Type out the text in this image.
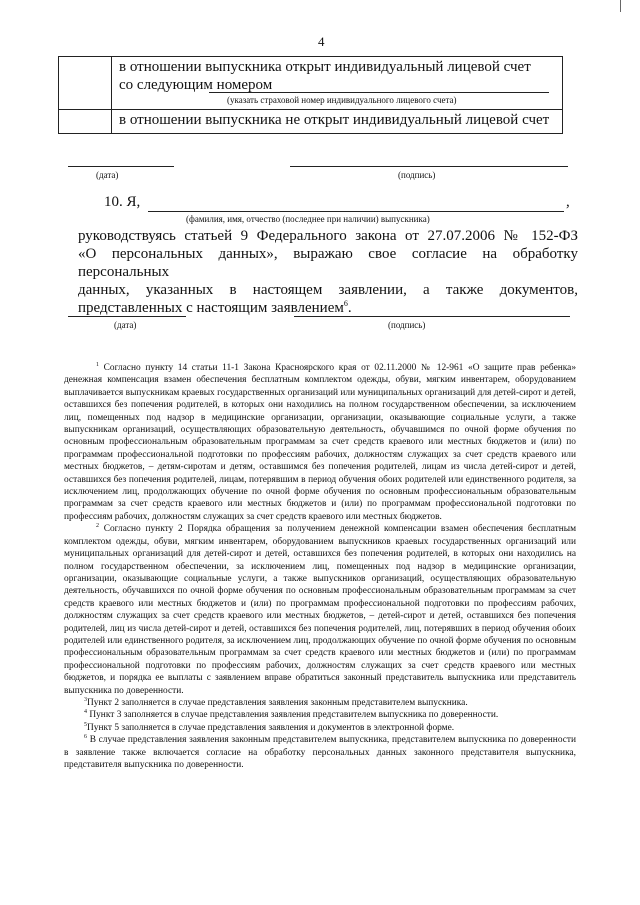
4
в отношении выпускника открыт индивидуальный лицевой счет
со следующим номером
(указать страховой номер индивидуального лицевого счета)
в отношении выпускника не открыт индивидуальный лицевой счет
(дата)	(подпись)
10. Я,	,
(фамилия, имя, отчество (последнее при наличии) выпускника)
руководствуясь статьей 9 Федерального закона от 27.07.2006 № 152-ФЗ
«О персональных данных», выражаю свое согласие на обработку персональных
данных, указанных в настоящем заявлении, а также документов,
представленных с настоящим заявлением$^6$.
(дата)	(подпись)

$^1$ Согласно пункту 14 статьи 11-1 Закона Красноярского края от 02.11.2000 № 12-961 «О защите прав ребенка» денежная компенсация взамен обеспечения бесплатным комплектом одежды, обуви, мягким инвентарем, оборудованием выплачивается выпускникам краевых государственных организаций или муниципальных организаций для детей-сирот и детей, оставшихся без попечения родителей, в которых они находились на полном государственном обеспечении, за исключением лиц, помещенных под надзор в медицинские организации, организации, оказывающие социальные услуги, а также выпускникам организаций, осуществляющих образовательную деятельность, обучавшимся по очной форме обучения по основным профессиональным образовательным программам за счет средств краевого или местных бюджетов и (или) по программам профессиональной подготовки по профессиям рабочих, должностям служащих за счет средств краевого или местных бюджетов, – детям-сиротам и детям, оставшимся без попечения родителей, лицам из числа детей-сирот и детей, оставшихся без попечения родителей, лицам, потерявшим в период обучения обоих родителей или единственного родителя, за исключением лиц, продолжающих обучение по очной форме обучения по основным профессиональным образовательным программам за счет средств краевого или местных бюджетов и (или) по программам профессиональной подготовки по профессиям рабочих, должностям служащих за счет средств краевого или местных бюджетов.

$^2$ Согласно пункту 2 Порядка обращения за получением денежной компенсации взамен обеспечения бесплатным комплектом одежды, обуви, мягким инвентарем, оборудованием выпускников краевых государственных организаций или муниципальных организаций для детей-сирот и детей, оставшихся без попечения родителей, в которых они находились на полном государственном обеспечении, за исключением лиц, помещенных под надзор в медицинские организации, организации, оказывающие социальные услуги, а также выпускников организаций, осуществляющих образовательную деятельность, обучавшихся по очной форме обучения по основным профессиональным образовательным программам за счет средств краевого или местных бюджетов и (или) по программам профессиональной подготовки по профессиям рабочих, должностям служащих за счет средств краевого или местных бюджетов, – детей-сирот и детей, оставшихся без попечения родителей, лиц из числа детей-сирот и детей, оставшихся без попечения родителей, лиц, потерявших в период обучения обоих родителей или единственного родителя, за исключением лиц, продолжающих обучение по очной форме обучения по основным профессиональным образовательным программам за счет средств краевого или местных бюджетов и (или) по программам профессиональной подготовки по профессиям рабочих, должностям служащих за счет средств краевого или местных бюджетов, и порядка ее выплаты с заявлением вправе обратиться законный представитель выпускника или представитель выпускника по доверенности.

$^3$Пункт 2 заполняется в случае представления заявления законным представителем выпускника.

$^4$ Пункт 3 заполняется в случае представления заявления представителем выпускника по доверенности.

$^5$Пункт 5 заполняется в случае представления заявления и документов в электронной форме.

$^6$ В случае представления заявления законным представителем выпускника, представителем выпускника по доверенности в заявление также включается согласие на обработку персональных данных законного представителя выпускника, представителя выпускника по доверенности.
